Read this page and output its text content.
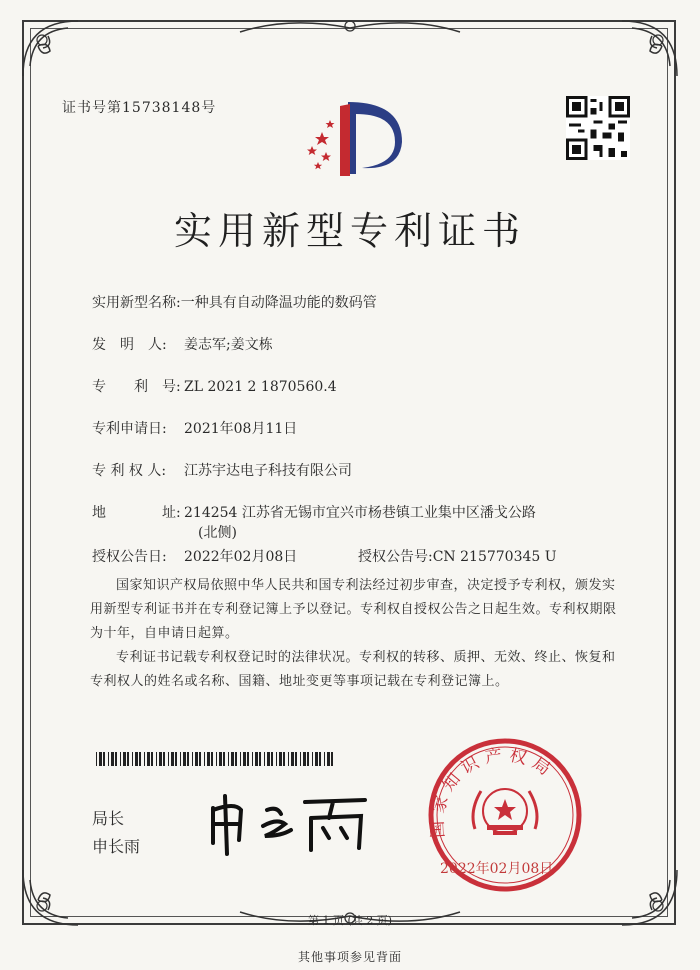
证书号第15738148号
实用新型专利证书
实用新型名称:一种具有自动降温功能的数码管
发　明　人: 姜志军;姜文栋
专　　利　号: ZL 2021 2 1870560.4
专利申请日: 2021年08月11日
专 利 权 人: 江苏宇达电子科技有限公司
地　　　　址: 214254 江苏省无锡市宜兴市杨巷镇工业集中区潘戈公路
(北侧)
授权公告日: 2022年02月08日	授权公告号:CN 215770345 U
国家知识产权局依照中华人民共和国专利法经过初步审查，决定授予专利权，颁发实用新型专利证书并在专利登记簿上予以登记。专利权自授权公告之日起生效。专利权期限为十年，自申请日起算。
专利证书记载专利权登记时的法律状况。专利权的转移、质押、无效、终止、恢复和专利权人的姓名或名称、国籍、地址变更等事项记载在专利登记簿上。
局长
申长雨
2022年02月08日
第 1 页 (共 2 页)
其他事项参见背面
国家知识产权局
